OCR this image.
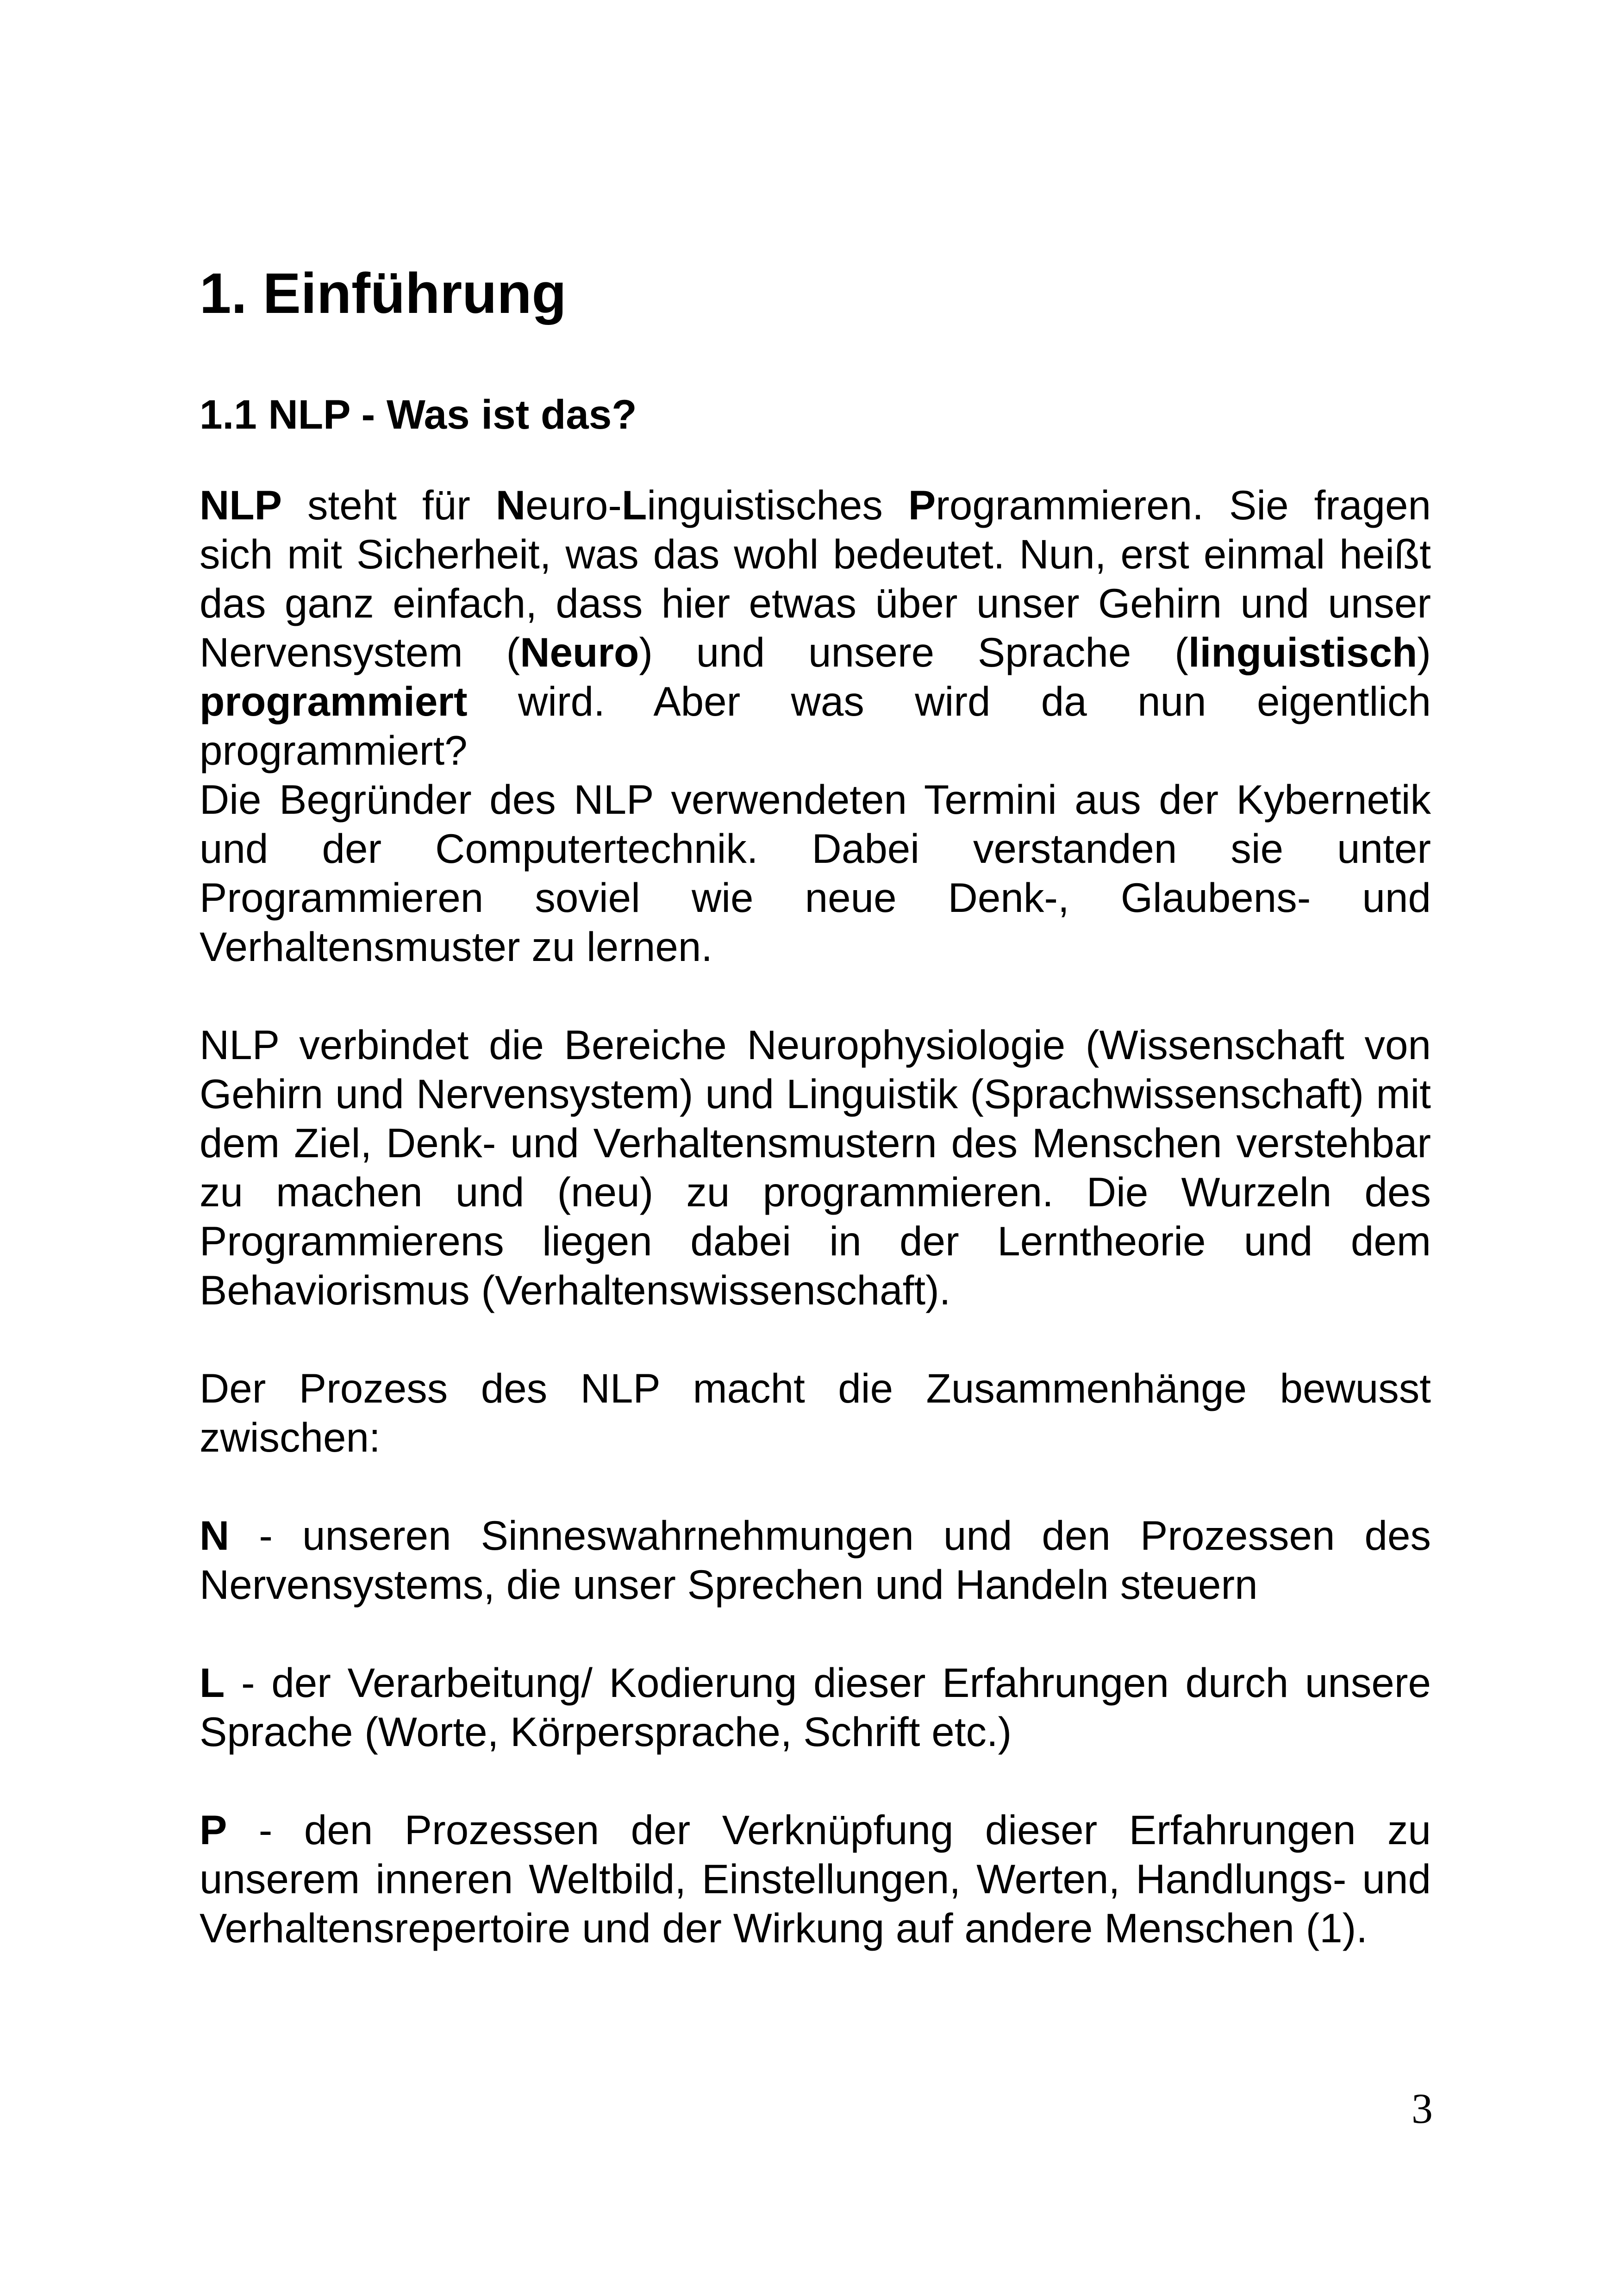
1. Einführung
1.1 NLP - Was ist das?

NLP steht für Neuro-Linguistisches Programmieren. Sie fragen sich mit Sicherheit, was das wohl bedeutet. Nun, erst einmal heißt das ganz einfach, dass hier etwas über unser Gehirn und unser Nervensystem (Neuro) und unsere Sprache (linguistisch) programmiert wird. Aber was wird da nun eigentlich programmiert?

Die Begründer des NLP verwendeten Termini aus der Kybernetik und der Computertechnik. Dabei verstanden sie unter Programmieren soviel wie neue Denk-, Glaubens- und Verhaltensmuster zu lernen.

NLP verbindet die Bereiche Neurophysiologie (Wissenschaft von Gehirn und Nervensystem) und Linguistik (Sprachwissenschaft) mit dem Ziel, Denk- und Verhaltensmustern des Menschen verstehbar zu machen und (neu) zu programmieren. Die Wurzeln des Programmierens liegen dabei in der Lerntheorie und dem Behaviorismus (Verhaltenswissenschaft).

Der Prozess des NLP macht die Zusammenhänge bewusst zwischen:

N - unseren Sinneswahrnehmungen und den Prozessen des Nervensystems, die unser Sprechen und Handeln steuern

L - der Verarbeitung/ Kodierung dieser Erfahrungen durch unsere Sprache (Worte, Körpersprache, Schrift etc.)

P - den Prozessen der Verknüpfung dieser Erfahrungen zu unserem inneren Weltbild, Einstellungen, Werten, Handlungs- und Verhaltensrepertoire und der Wirkung auf andere Menschen (1).

3
